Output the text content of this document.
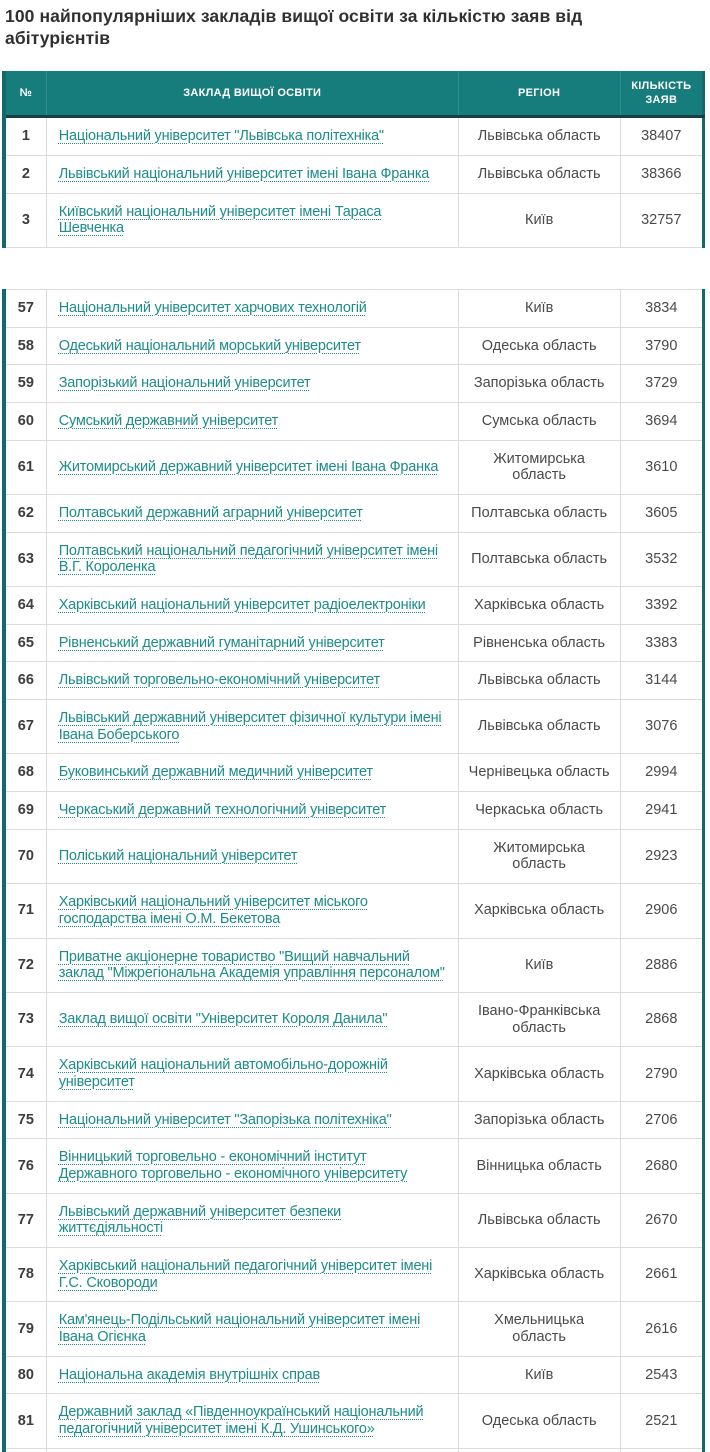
100 найпопулярніших закладів вищої освіти за кількістю заяв від абітурієнтів
№	ЗАКЛАД ВИЩОЇ ОСВІТИ	РЕГІОН	КІЛЬКІСТЬ ЗАЯВ
1	Національний університет "Львівська політехніка"	Львівська область	38407
2	Львівський національний університет імені Івана Франка	Львівська область	38366
3	Київський національний університет імені Тараса Шевченка	Київ	32757
57	Національний університет харчових технологій	Київ	3834
58	Одеський національний морський університет	Одеська область	3790
59	Запорізький національний університет	Запорізька область	3729
60	Сумський державний університет	Сумська область	3694
61	Житомирський державний університет імені Івана Франка	Житомирська область	3610
62	Полтавський державний аграрний університет	Полтавська область	3605
63	Полтавський національний педагогічний університет імені В.Г. Короленка	Полтавська область	3532
64	Харківський національний університет радіоелектроніки	Харківська область	3392
65	Рівненський державний гуманітарний університет	Рівненська область	3383
66	Львівський торговельно-економічний університет	Львівська область	3144
67	Львівський державний університет фізичної культури імені Івана Боберського	Львівська область	3076
68	Буковинський державний медичний університет	Чернівецька область	2994
69	Черкаський державний технологічний університет	Черкаська область	2941
70	Поліський національний університет	Житомирська область	2923
71	Харківський національний університет міського господарства імені О.М. Бекетова	Харківська область	2906
72	Приватне акціонерне товариство "Вищий навчальний заклад "Міжрегіональна Академія управління персоналом"	Київ	2886
73	Заклад вищої освіти "Університет Короля Данила"	Івано-Франківська область	2868
74	Харківський національний автомобільно-дорожній університет	Харківська область	2790
75	Національний університет "Запорізька політехніка"	Запорізька область	2706
76	Вінницький торговельно - економічний інститут Державного торговельно - економічного університету	Вінницька область	2680
77	Львівський державний університет безпеки життєдіяльності	Львівська область	2670
78	Харківський національний педагогічний університет імені Г.С. Сковороди	Харківська область	2661
79	Кам'янець-Подільський національний університет імені Івана Огієнка	Хмельницька область	2616
80	Національна академія внутрішніх справ	Київ	2543
81	Державний заклад «Південноукраїнський національний педагогічний університет імені К.Д. Ушинського»	Одеська область	2521
